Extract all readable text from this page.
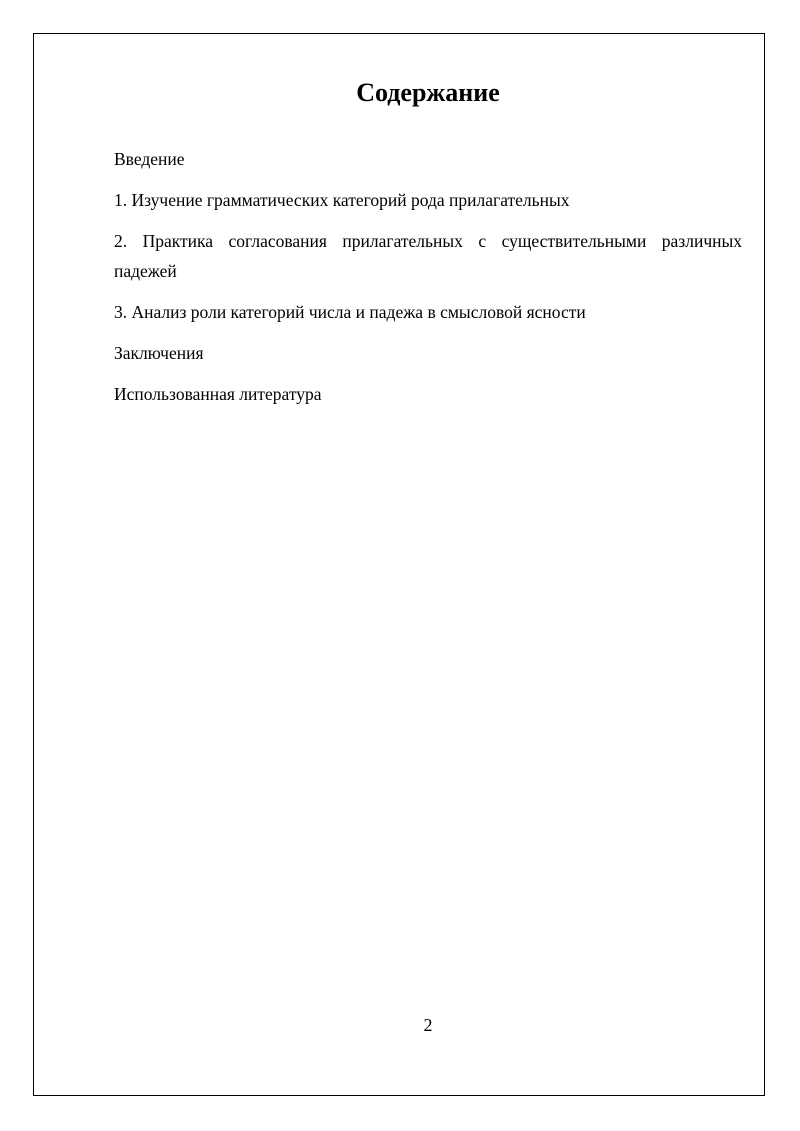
Содержание
Введение
1. Изучение грамматических категорий рода прилагательных
2. Практика согласования прилагательных с существительными различных падежей
3. Анализ роли категорий числа и падежа в смысловой ясности
Заключения
Использованная литература
2
